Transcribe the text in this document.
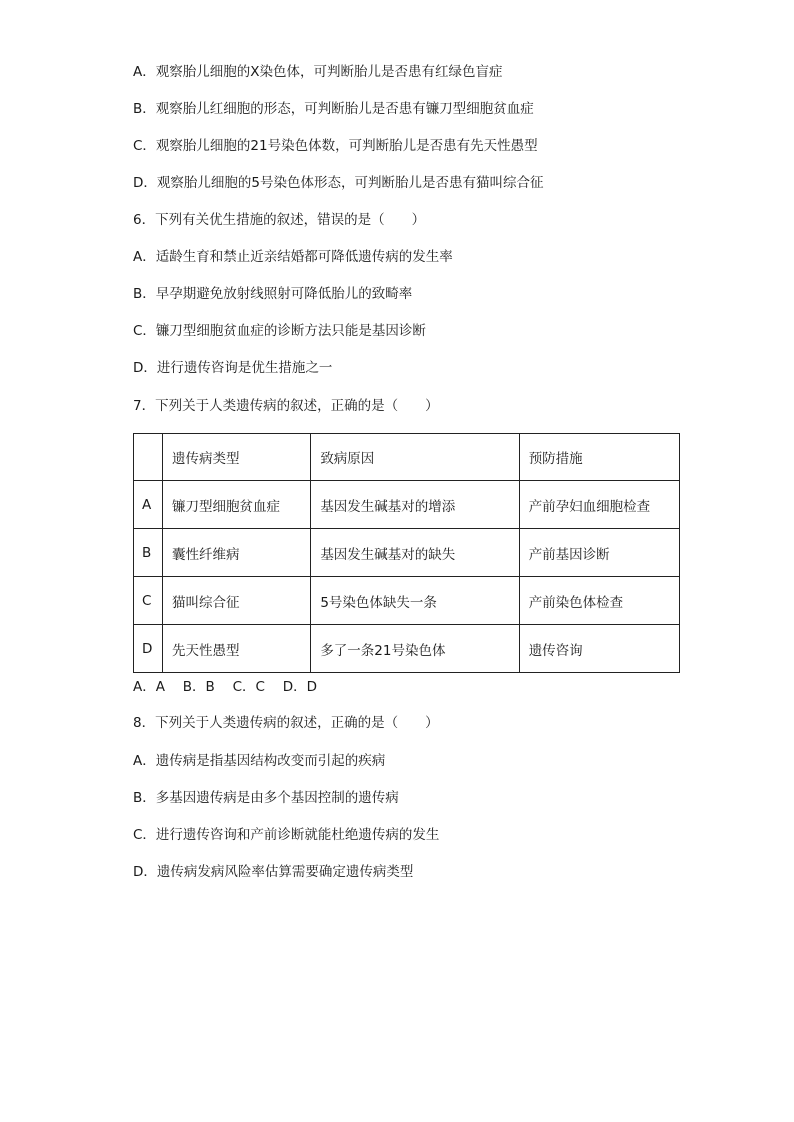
A．观察胎儿细胞的X染色体，可判断胎儿是否患有红绿色盲症
B．观察胎儿红细胞的形态，可判断胎儿是否患有镰刀型细胞贫血症
C．观察胎儿细胞的21号染色体数，可判断胎儿是否患有先天性愚型
D．观察胎儿细胞的5号染色体形态，可判断胎儿是否患有猫叫综合征
6．下列有关优生措施的叙述，错误的是（　　）
A．适龄生育和禁止近亲结婚都可降低遗传病的发生率
B．早孕期避免放射线照射可降低胎儿的致畸率
C．镰刀型细胞贫血症的诊断方法只能是基因诊断
D．进行遗传咨询是优生措施之一
7．下列关于人类遗传病的叙述，正确的是（　　）
	遗传病类型	致病原因	预防措施
A	镰刀型细胞贫血症	基因发生碱基对的增添	产前孕妇血细胞检查
B	囊性纤维病	基因发生碱基对的缺失	产前基因诊断
C	猫叫综合征	5号染色体缺失一条	产前染色体检查
D	先天性愚型	多了一条21号染色体	遗传咨询
A．A　 B．B　 C．C　 D．D
8．下列关于人类遗传病的叙述，正确的是（　　）
A．遗传病是指基因结构改变而引起的疾病
B．多基因遗传病是由多个基因控制的遗传病
C．进行遗传咨询和产前诊断就能杜绝遗传病的发生
D．遗传病发病风险率估算需要确定遗传病类型
